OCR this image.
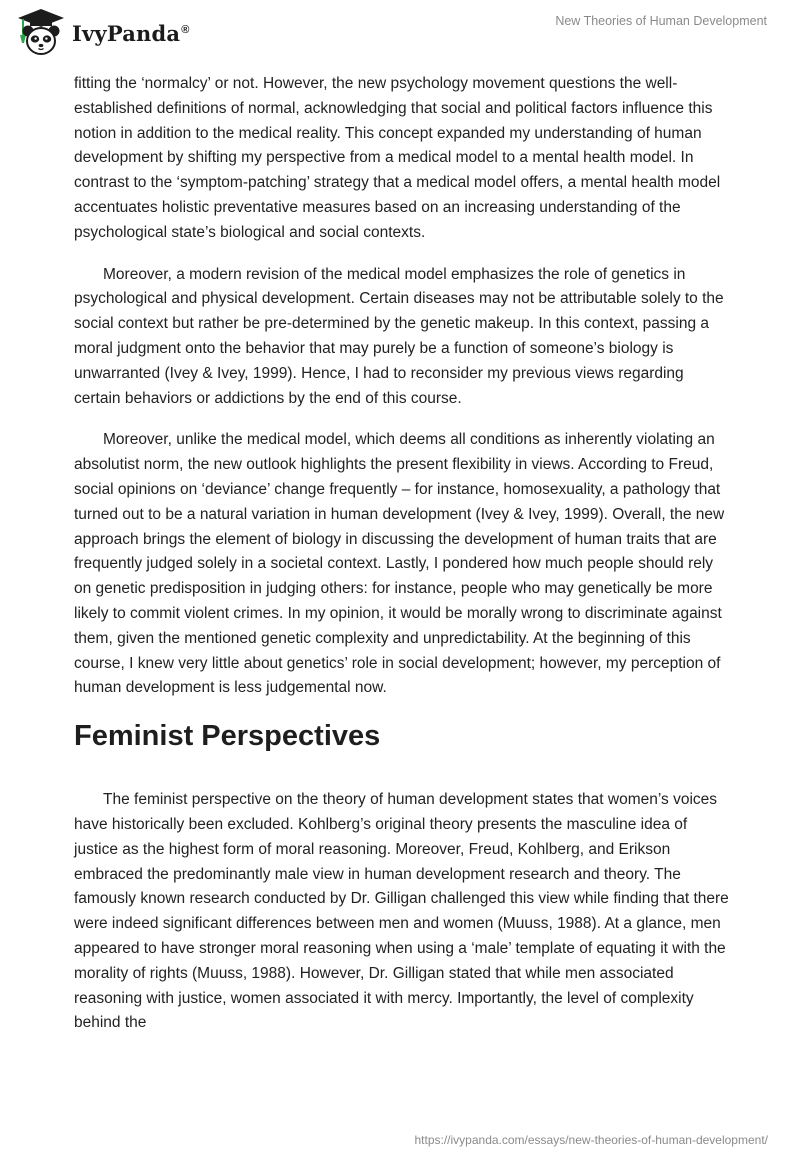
IvyPanda®
New Theories of Human Development

fitting the ‘normalcy’ or not. However, the new psychology movement questions the well-established definitions of normal, acknowledging that social and political factors influence this notion in addition to the medical reality. This concept expanded my understanding of human development by shifting my perspective from a medical model to a mental health model. In contrast to the ‘symptom-patching’ strategy that a medical model offers, a mental health model accentuates holistic preventative measures based on an increasing understanding of the psychological state’s biological and social contexts.

Moreover, a modern revision of the medical model emphasizes the role of genetics in psychological and physical development. Certain diseases may not be attributable solely to the social context but rather be pre-determined by the genetic makeup. In this context, passing a moral judgment onto the behavior that may purely be a function of someone’s biology is unwarranted (Ivey & Ivey, 1999). Hence, I had to reconsider my previous views regarding certain behaviors or addictions by the end of this course.

Moreover, unlike the medical model, which deems all conditions as inherently violating an absolutist norm, the new outlook highlights the present flexibility in views. According to Freud, social opinions on ‘deviance’ change frequently – for instance, homosexuality, a pathology that turned out to be a natural variation in human development (Ivey & Ivey, 1999). Overall, the new approach brings the element of biology in discussing the development of human traits that are frequently judged solely in a societal context. Lastly, I pondered how much people should rely on genetic predisposition in judging others: for instance, people who may genetically be more likely to commit violent crimes. In my opinion, it would be morally wrong to discriminate against them, given the mentioned genetic complexity and unpredictability. At the beginning of this course, I knew very little about genetics’ role in social development; however, my perception of human development is less judgemental now.

Feminist Perspectives

The feminist perspective on the theory of human development states that women’s voices have historically been excluded. Kohlberg’s original theory presents the masculine idea of justice as the highest form of moral reasoning. Moreover, Freud, Kohlberg, and Erikson embraced the predominantly male view in human development research and theory. The famously known research conducted by Dr. Gilligan challenged this view while finding that there were indeed significant differences between men and women (Muuss, 1988). At a glance, men appeared to have stronger moral reasoning when using a ‘male’ template of equating it with the morality of rights (Muuss, 1988). However, Dr. Gilligan stated that while men associated reasoning with justice, women associated it with mercy. Importantly, the level of complexity behind the

https://ivypanda.com/essays/new-theories-of-human-development/
